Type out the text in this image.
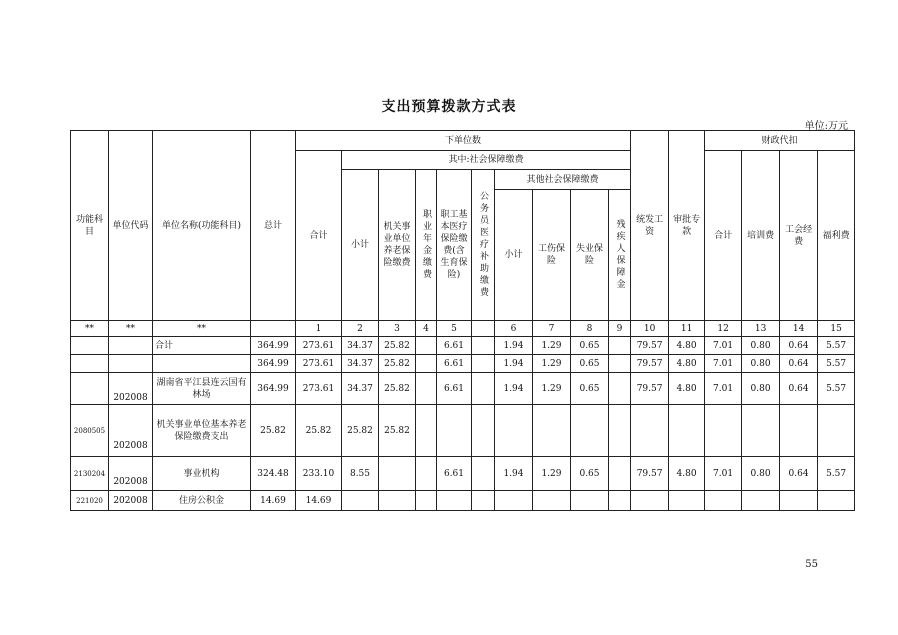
支出预算拨款方式表
单位:万元
功能科目	单位代码	单位名称(功能科目)	总计	下单位数										统发工资	审批专款	财政代扣			
				合计	其中:社会保障缴费											合计	培训费	工会经费	福利费
					小计	机关事业单位养老保险缴费	职业年金缴费	职工基本医疗保险缴费(含生育保险)	公务员医疗补助缴费	其他社会保障缴费									
										小计	工伤保险	失业保险	残疾人保障金						

**	**	**		1	2	3	4	5		6	7	8	9	10	11	12	13	14	15
		合计	364.99	273.61	34.37	25.82		6.61		1.94	1.29	0.65		79.57	4.80	7.01	0.80	0.64	5.57
			364.99	273.61	34.37	25.82		6.61		1.94	1.29	0.65		79.57	4.80	7.01	0.80	0.64	5.57
	202008	湖南省平江县连云国有林场	364.99	273.61	34.37	25.82		6.61		1.94	1.29	0.65		79.57	4.80	7.01	0.80	0.64	5.57
2080505	202008	机关事业单位基本养老保险缴费支出	25.82	25.82	25.82	25.82													
2130204	202008	事业机构	324.48	233.10	8.55			6.61		1.94	1.29	0.65		79.57	4.80	7.01	0.80	0.64	5.57
221020	202008	住房公积金	14.69	14.69															
55
